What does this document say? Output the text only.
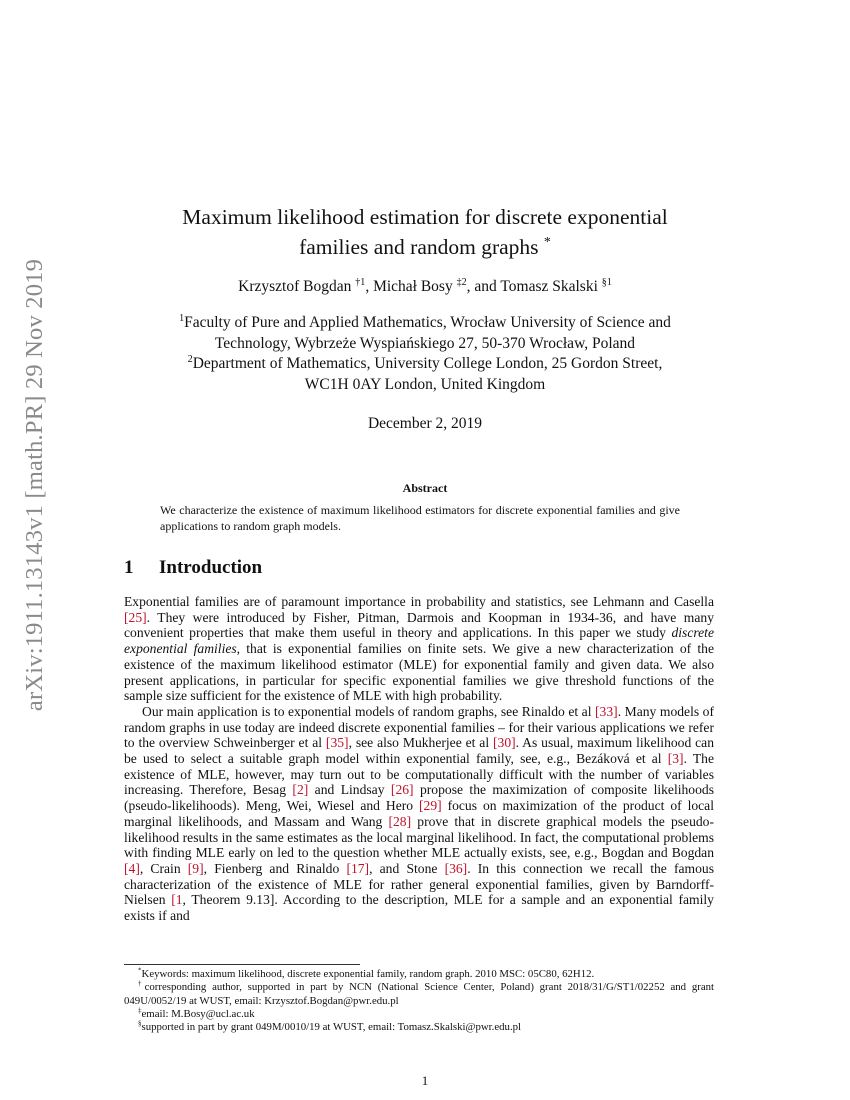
arXiv:1911.13143v1 [math.PR] 29 Nov 2019
Maximum likelihood estimation for discrete exponential
families and random graphs *
Krzysztof Bogdan $^{\dagger 1}$, Michał Bosy $^{\ddagger 2}$, and Tomasz Skalski $^{\S 1}$
$^1$Faculty of Pure and Applied Mathematics, Wrocław University of Science and
Technology, Wybrzeże Wyspiańskiego 27, 50-370 Wrocław, Poland
$^2$Department of Mathematics, University College London, 25 Gordon Street,
WC1H 0AY London, United Kingdom
December 2, 2019
Abstract
We characterize the existence of maximum likelihood estimators for discrete exponential families and give applications to random graph models.
1 Introduction

Exponential families are of paramount importance in probability and statistics, see Lehmann and Casella [25]. They were introduced by Fisher, Pitman, Darmois and Koopman in 1934-36, and have many convenient properties that make them useful in theory and applications. In this paper we study discrete exponential families, that is exponential families on finite sets. We give a new characterization of the existence of the maximum likelihood estimator (MLE) for exponential family and given data. We also present applications, in particular for specific exponential families we give threshold functions of the sample size sufficient for the existence of MLE with high probability.

Our main application is to exponential models of random graphs, see Rinaldo et al [33]. Many models of random graphs in use today are indeed discrete exponential families – for their various applications we refer to the overview Schweinberger et al [35], see also Mukherjee et al [30]. As usual, maximum likelihood can be used to select a suitable graph model within exponential family, see, e.g., Bezáková et al [3]. The existence of MLE, however, may turn out to be computationally difficult with the number of variables increasing. Therefore, Besag [2] and Lindsay [26] propose the maximization of composite likelihoods (pseudo-likelihoods). Meng, Wei, Wiesel and Hero [29] focus on maximization of the product of local marginal likelihoods, and Massam and Wang [28] prove that in discrete graphical models the pseudo-likelihood results in the same estimates as the local marginal likelihood. In fact, the computational problems with finding MLE early on led to the question whether MLE actually exists, see, e.g., Bogdan and Bogdan [4], Crain [9], Fienberg and Rinaldo [17], and Stone [36]. In this connection we recall the famous characterization of the existence of MLE for rather general exponential families, given by Barndorff-Nielsen [1, Theorem 9.13]. According to the description, MLE for a sample and an exponential family exists if and

*Keywords: maximum likelihood, discrete exponential family, random graph. 2010 MSC: 05C80, 62H12.

†corresponding author, supported in part by NCN (National Science Center, Poland) grant 2018/31/G/ST1/02252 and grant 049U/0052/19 at WUST, email: Krzysztof.Bogdan@pwr.edu.pl

‡email: M.Bosy@ucl.ac.uk

§supported in part by grant 049M/0010/19 at WUST, email: Tomasz.Skalski@pwr.edu.pl

1
